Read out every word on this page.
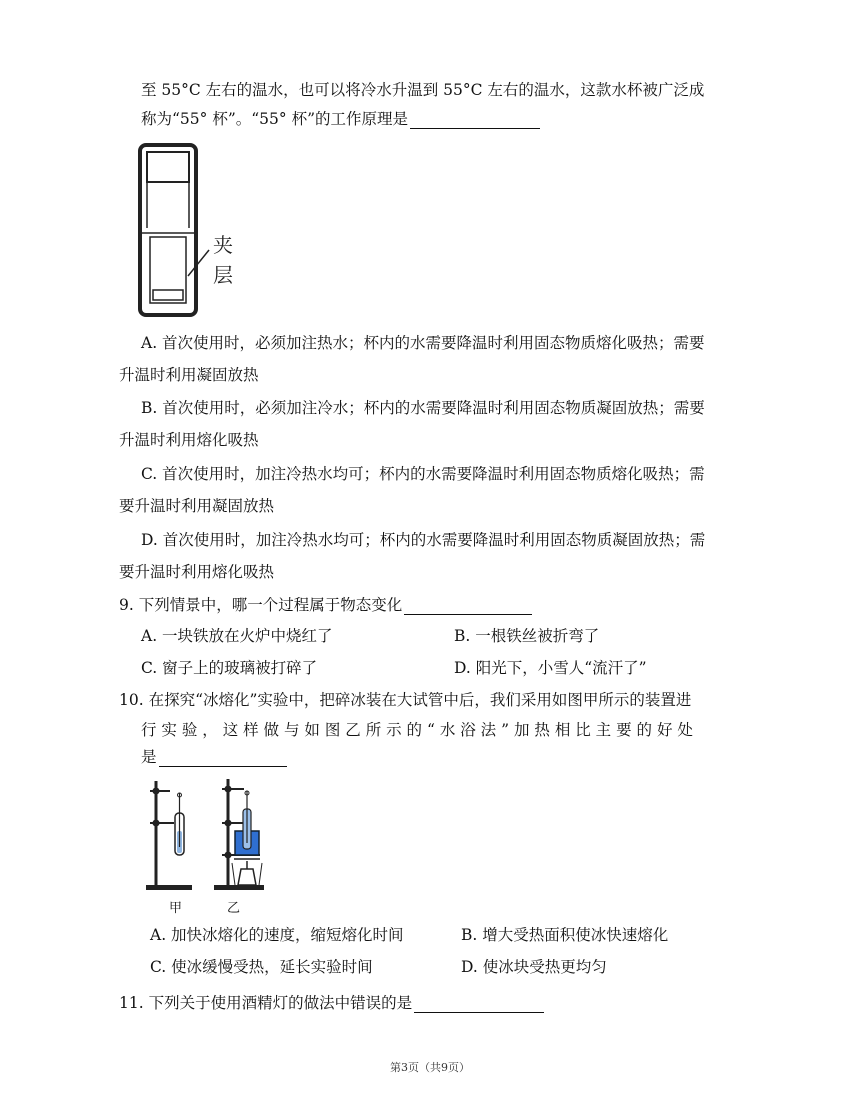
至 55°C 左右的温水，也可以将冷水升温到 55°C 左右的温水，这款水杯被广泛成
称为“55° 杯”。“55° 杯”的工作原理是
夹
层
A. 首次使用时，必须加注热水；杯内的水需要降温时利用固态物质熔化吸热；需要
升温时利用凝固放热
B. 首次使用时，必须加注冷水；杯内的水需要降温时利用固态物质凝固放热；需要
升温时利用熔化吸热
C. 首次使用时，加注冷热水均可；杯内的水需要降温时利用固态物质熔化吸热；需
要升温时利用凝固放热
D. 首次使用时，加注冷热水均可；杯内的水需要降温时利用固态物质凝固放热；需
要升温时利用熔化吸热
9. 下列情景中，哪一个过程属于物态变化
A. 一块铁放在火炉中烧红了	B. 一根铁丝被折弯了
C. 窗子上的玻璃被打碎了	D. 阳光下，小雪人“流汗了”
10. 在探究“冰熔化”实验中，把碎冰装在大试管中后，我们采用如图甲所示的装置进
行 实 验 ， 这 样 做 与 如 图 乙 所 示 的 “ 水 浴 法 ” 加 热 相 比 主 要 的 好 处
是
甲	乙
A. 加快冰熔化的速度，缩短熔化时间	B. 增大受热面积使冰快速熔化
C. 使冰缓慢受热，延长实验时间	D. 使冰块受热更均匀
11. 下列关于使用酒精灯的做法中错误的是
第3页（共9页）
